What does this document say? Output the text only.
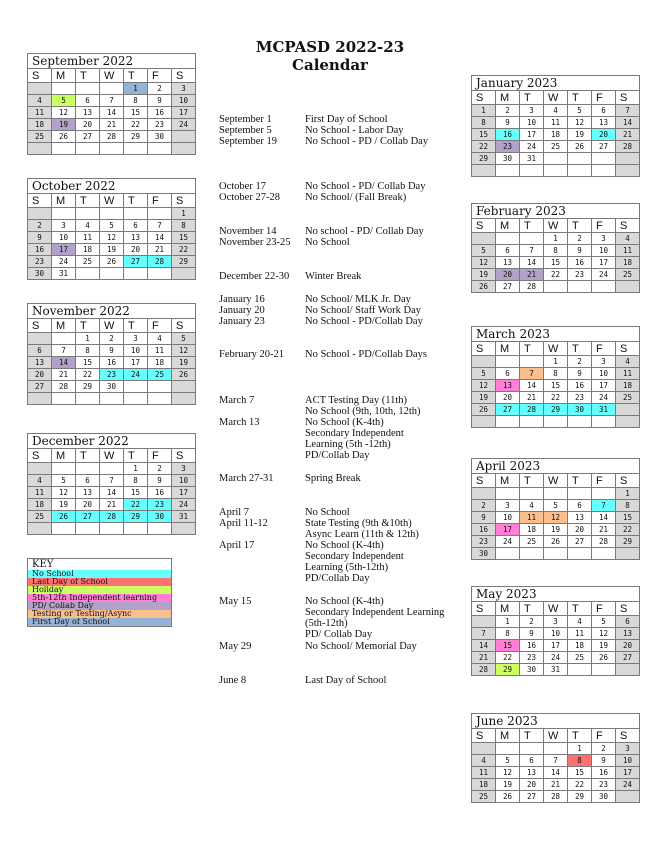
MCPASD 2022-23
Calendar
September 2022
S	M	T	W	T	F	S
				1	2	3
4	5	6	7	8	9	10
11	12	13	14	15	16	17
18	19	20	21	22	23	24
25	26	27	28	29	30	

October 2022
S	M	T	W	T	F	S
						1
2	3	4	5	6	7	8
9	10	11	12	13	14	15
16	17	18	19	20	21	22
23	24	25	26	27	28	29
30	31					
November 2022
S	M	T	W	T	F	S
		1	2	3	4	5
6	7	8	9	10	11	12
13	14	15	16	17	18	19
20	21	22	23	24	25	26
27	28	29	30			

December 2022
S	M	T	W	T	F	S
				1	2	3
4	5	6	7	8	9	10
11	12	13	14	15	16	17
18	19	20	21	22	23	24
25	26	27	28	29	30	31

January 2023
S	M	T	W	T	F	S
1	2	3	4	5	6	7
8	9	10	11	12	13	14
15	16	17	18	19	20	21
22	23	24	25	26	27	28
29	30	31				

February 2023
S	M	T	W	T	F	S
			1	2	3	4
5	6	7	8	9	10	11
12	13	14	15	16	17	18
19	20	21	22	23	24	25
26	27	28				
March 2023
S	M	T	W	T	F	S
			1	2	3	4
5	6	7	8	9	10	11
12	13	14	15	16	17	18
19	20	21	22	23	24	25
26	27	28	29	30	31	

April 2023
S	M	T	W	T	F	S
						1
2	3	4	5	6	7	8
9	10	11	12	13	14	15
16	17	18	19	20	21	22
23	24	25	26	27	28	29
30						
May 2023
S	M	T	W	T	F	S
	1	2	3	4	5	6
7	8	9	10	11	12	13
14	15	16	17	18	19	20
21	22	23	24	25	26	27
28	29	30	31			
June 2023
S	M	T	W	T	F	S
				1	2	3
4	5	6	7	8	9	10
11	12	13	14	15	16	17
18	19	20	21	22	23	24
25	26	27	28	29	30	
KEY
No School
Last Day of School
Holiday
5th-12th Independent learning
PD/ Collab Day
Testing or Testing/Async
First Day of School
September 1	First Day of School
September 5	No School - Labor Day
September 19	No School - PD / Collab Day
October 17	No School - PD/ Collab Day
October 27-28	No School/ (Fall Break)
November 14	No school - PD/ Collab Day
November 23-25	No School
December 22-30	Winter Break
January 16	No School/ MLK Jr. Day
January 20	No School/ Staff Work Day
January 23	No School - PD/Collab Day
February 20-21	No School - PD/Collab Days
March 7	ACT Testing Day (11th)
No School (9th, 10th, 12th)
March 13	No School (K-4th)
Secondary Independent
Learning (5th -12th)
PD/Collab Day
March 27-31	Spring Break
April 7	No School
April 11-12	State Testing (9th &10th)
Async Learn (11th & 12th)
April 17	No School (K-4th)
Secondary Independent
Learning (5th-12th)
PD/Collab Day
May 15	No School (K-4th)
Secondary Independent Learning
(5th-12th)
PD/ Collab Day
May 29	No School/ Memorial Day
June 8	Last Day of School
